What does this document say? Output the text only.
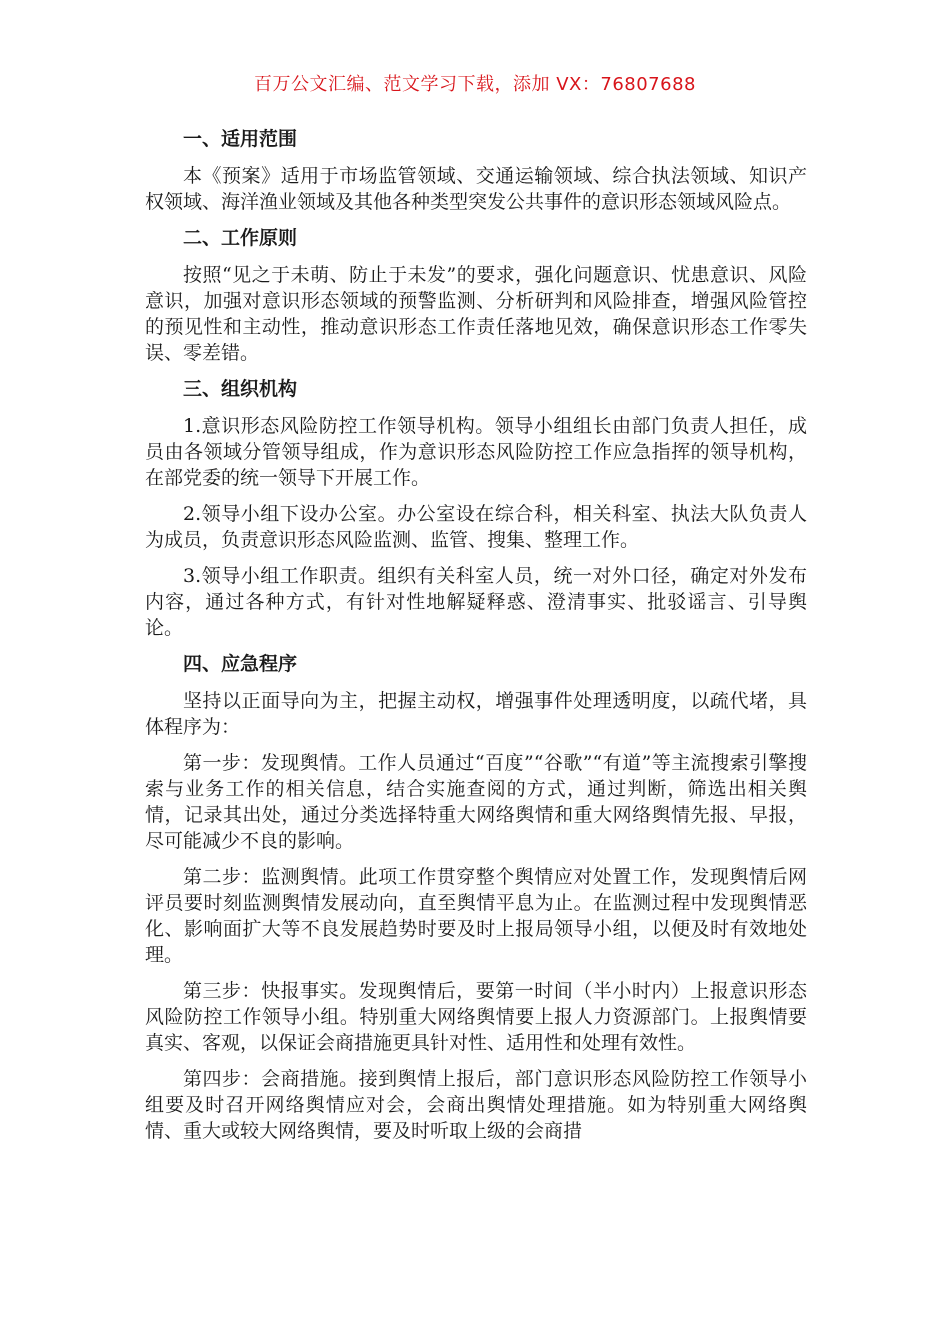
百万公文汇编、范文学习下载，添加 VX：76807688
一、适用范围

本《预案》适用于市场监管领域、交通运输领域、综合执法领域、知识产权领域、海洋渔业领域及其他各种类型突发公共事件的意识形态领域风险点。

二、工作原则

按照“见之于未萌、防止于未发”的要求，强化问题意识、忧患意识、风险意识，加强对意识形态领域的预警监测、分析研判和风险排查，增强风险管控的预见性和主动性，推动意识形态工作责任落地见效，确保意识形态工作零失误、零差错。

三、组织机构

1.意识形态风险防控工作领导机构。领导小组组长由部门负责人担任，成员由各领域分管领导组成，作为意识形态风险防控工作应急指挥的领导机构，在部党委的统一领导下开展工作。

2.领导小组下设办公室。办公室设在综合科，相关科室、执法大队负责人为成员，负责意识形态风险监测、监管、搜集、整理工作。

3.领导小组工作职责。组织有关科室人员，统一对外口径，确定对外发布内容，通过各种方式，有针对性地解疑释惑、澄清事实、批驳谣言、引导舆论。

四、应急程序

坚持以正面导向为主，把握主动权，增强事件处理透明度，以疏代堵，具体程序为：

第一步：发现舆情。工作人员通过“百度”“谷歌”“有道”等主流搜索引擎搜索与业务工作的相关信息，结合实施查阅的方式，通过判断，筛选出相关舆情，记录其出处，通过分类选择特重大网络舆情和重大网络舆情先报、早报，尽可能减少不良的影响。

第二步：监测舆情。此项工作贯穿整个舆情应对处置工作，发现舆情后网评员要时刻监测舆情发展动向，直至舆情平息为止。在监测过程中发现舆情恶化、影响面扩大等不良发展趋势时要及时上报局领导小组，以便及时有效地处理。

第三步：快报事实。发现舆情后，要第一时间（半小时内）上报意识形态风险防控工作领导小组。特别重大网络舆情要上报人力资源部门。上报舆情要真实、客观，以保证会商措施更具针对性、适用性和处理有效性。

第四步：会商措施。接到舆情上报后，部门意识形态风险防控工作领导小组要及时召开网络舆情应对会，会商出舆情处理措施。如为特别重大网络舆情、重大或较大网络舆情，要及时听取上级的会商措
